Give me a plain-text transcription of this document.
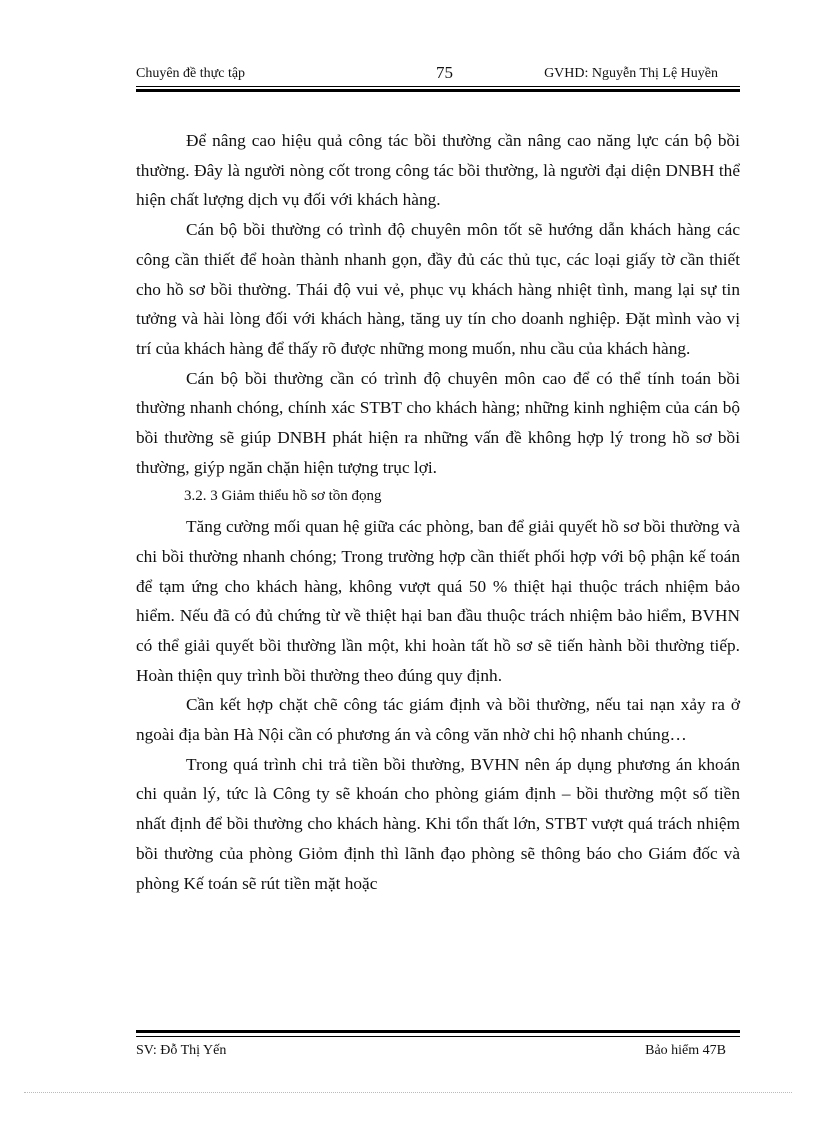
Chuyên đề thực tập	75	GVHD: Nguyễn Thị Lệ Huyền

Để nâng cao hiệu quả công tác bồi thường cần nâng cao năng lực cán bộ bồi thường. Đây là người nòng cốt trong công tác bồi thường, là người đại diện DNBH thể hiện chất lượng dịch vụ đối với khách hàng.

Cán bộ bồi thường có trình độ chuyên môn tốt sẽ hướng dẫn khách hàng các công cần thiết để hoàn thành nhanh gọn, đầy đủ các thủ tục, các loại giấy tờ cần thiết cho hồ sơ bồi thường. Thái độ vui vẻ, phục vụ khách hàng nhiệt tình, mang lại sự tin tưởng và hài lòng đối với khách hàng, tăng uy tín cho doanh nghiệp. Đặt mình vào vị trí của khách hàng để thấy rõ được những mong muốn, nhu cầu của khách hàng.

Cán bộ bồi thường cần có trình độ chuyên môn cao để có thể tính toán bồi thường nhanh chóng, chính xác STBT cho khách hàng; những kinh nghiệm của cán bộ bồi thường sẽ giúp DNBH phát hiện ra những vấn đề không hợp lý trong hồ sơ bồi thường, giýp ngăn chặn hiện tượng trục lợi.

3.2. 3 Giảm thiểu hồ sơ tồn đọng

Tăng cường mối quan hệ giữa các phòng, ban để giải quyết hồ sơ bồi thường và chi bồi thường nhanh chóng; Trong trường hợp cần thiết phối hợp với bộ phận kế toán để tạm ứng cho khách hàng, không vượt quá 50 % thiệt hại thuộc trách nhiệm bảo hiểm. Nếu đã có đủ chứng từ về thiệt hại ban đầu thuộc trách nhiệm bảo hiểm, BVHN có thể giải quyết bồi thường lần một, khi hoàn tất hồ sơ sẽ tiến hành bồi thường tiếp. Hoàn thiện quy trình bồi thường theo đúng quy định.

Cần kết hợp chặt chẽ công tác giám định và bồi thường, nếu tai nạn xảy ra ở ngoài địa bàn Hà Nội cần có phương án và công văn nhờ chi hộ nhanh chúng…

Trong quá trình chi trả tiền bồi thường, BVHN nên áp dụng phương án khoán chi quản lý, tức là Công ty sẽ khoán cho phòng giám định – bồi thường một số tiền nhất định để bồi thường cho khách hàng. Khi tổn thất lớn, STBT vượt quá trách nhiệm bồi thường của phòng Giỏm định thì lãnh đạo phòng sẽ thông báo cho Giám đốc và phòng Kế toán sẽ rút tiền mặt hoặc

SV: Đỗ Thị Yến	Bảo hiểm 47B
